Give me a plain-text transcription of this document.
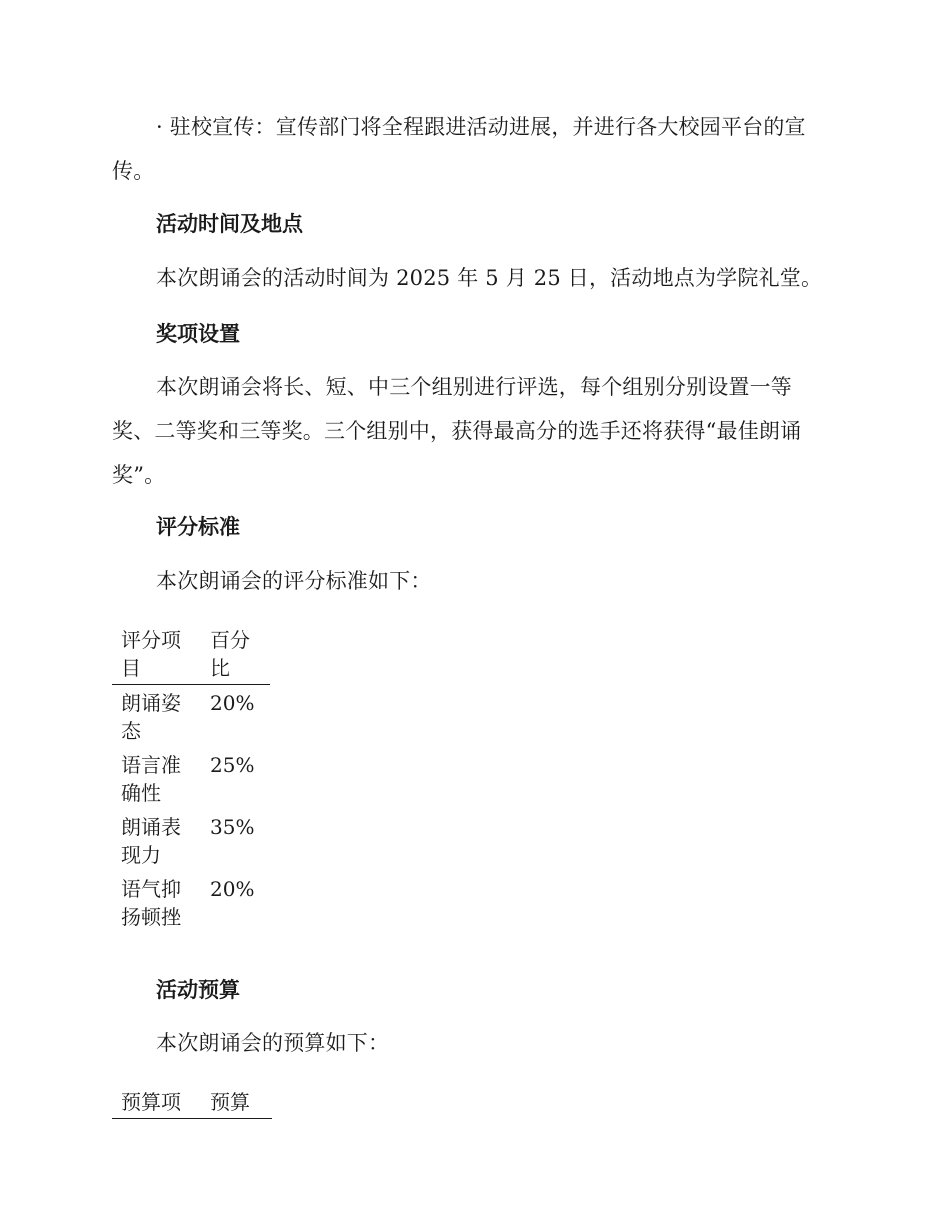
· 驻校宣传：宣传部门将全程跟进活动进展，并进行各大校园平台的宣传。

活动时间及地点

本次朗诵会的活动时间为 2025 年 5 月 25 日，活动地点为学院礼堂。

奖项设置

本次朗诵会将长、短、中三个组别进行评选，每个组别分别设置一等奖、二等奖和三等奖。三个组别中，获得最高分的选手还将获得“最佳朗诵奖”。

评分标准

本次朗诵会的评分标准如下：

评分项目	百分比
朗诵姿态	20%
语言准确性	25%
朗诵表现力	35%
语气抑扬顿挫	20%
活动预算

本次朗诵会的预算如下：

预算项	预算
